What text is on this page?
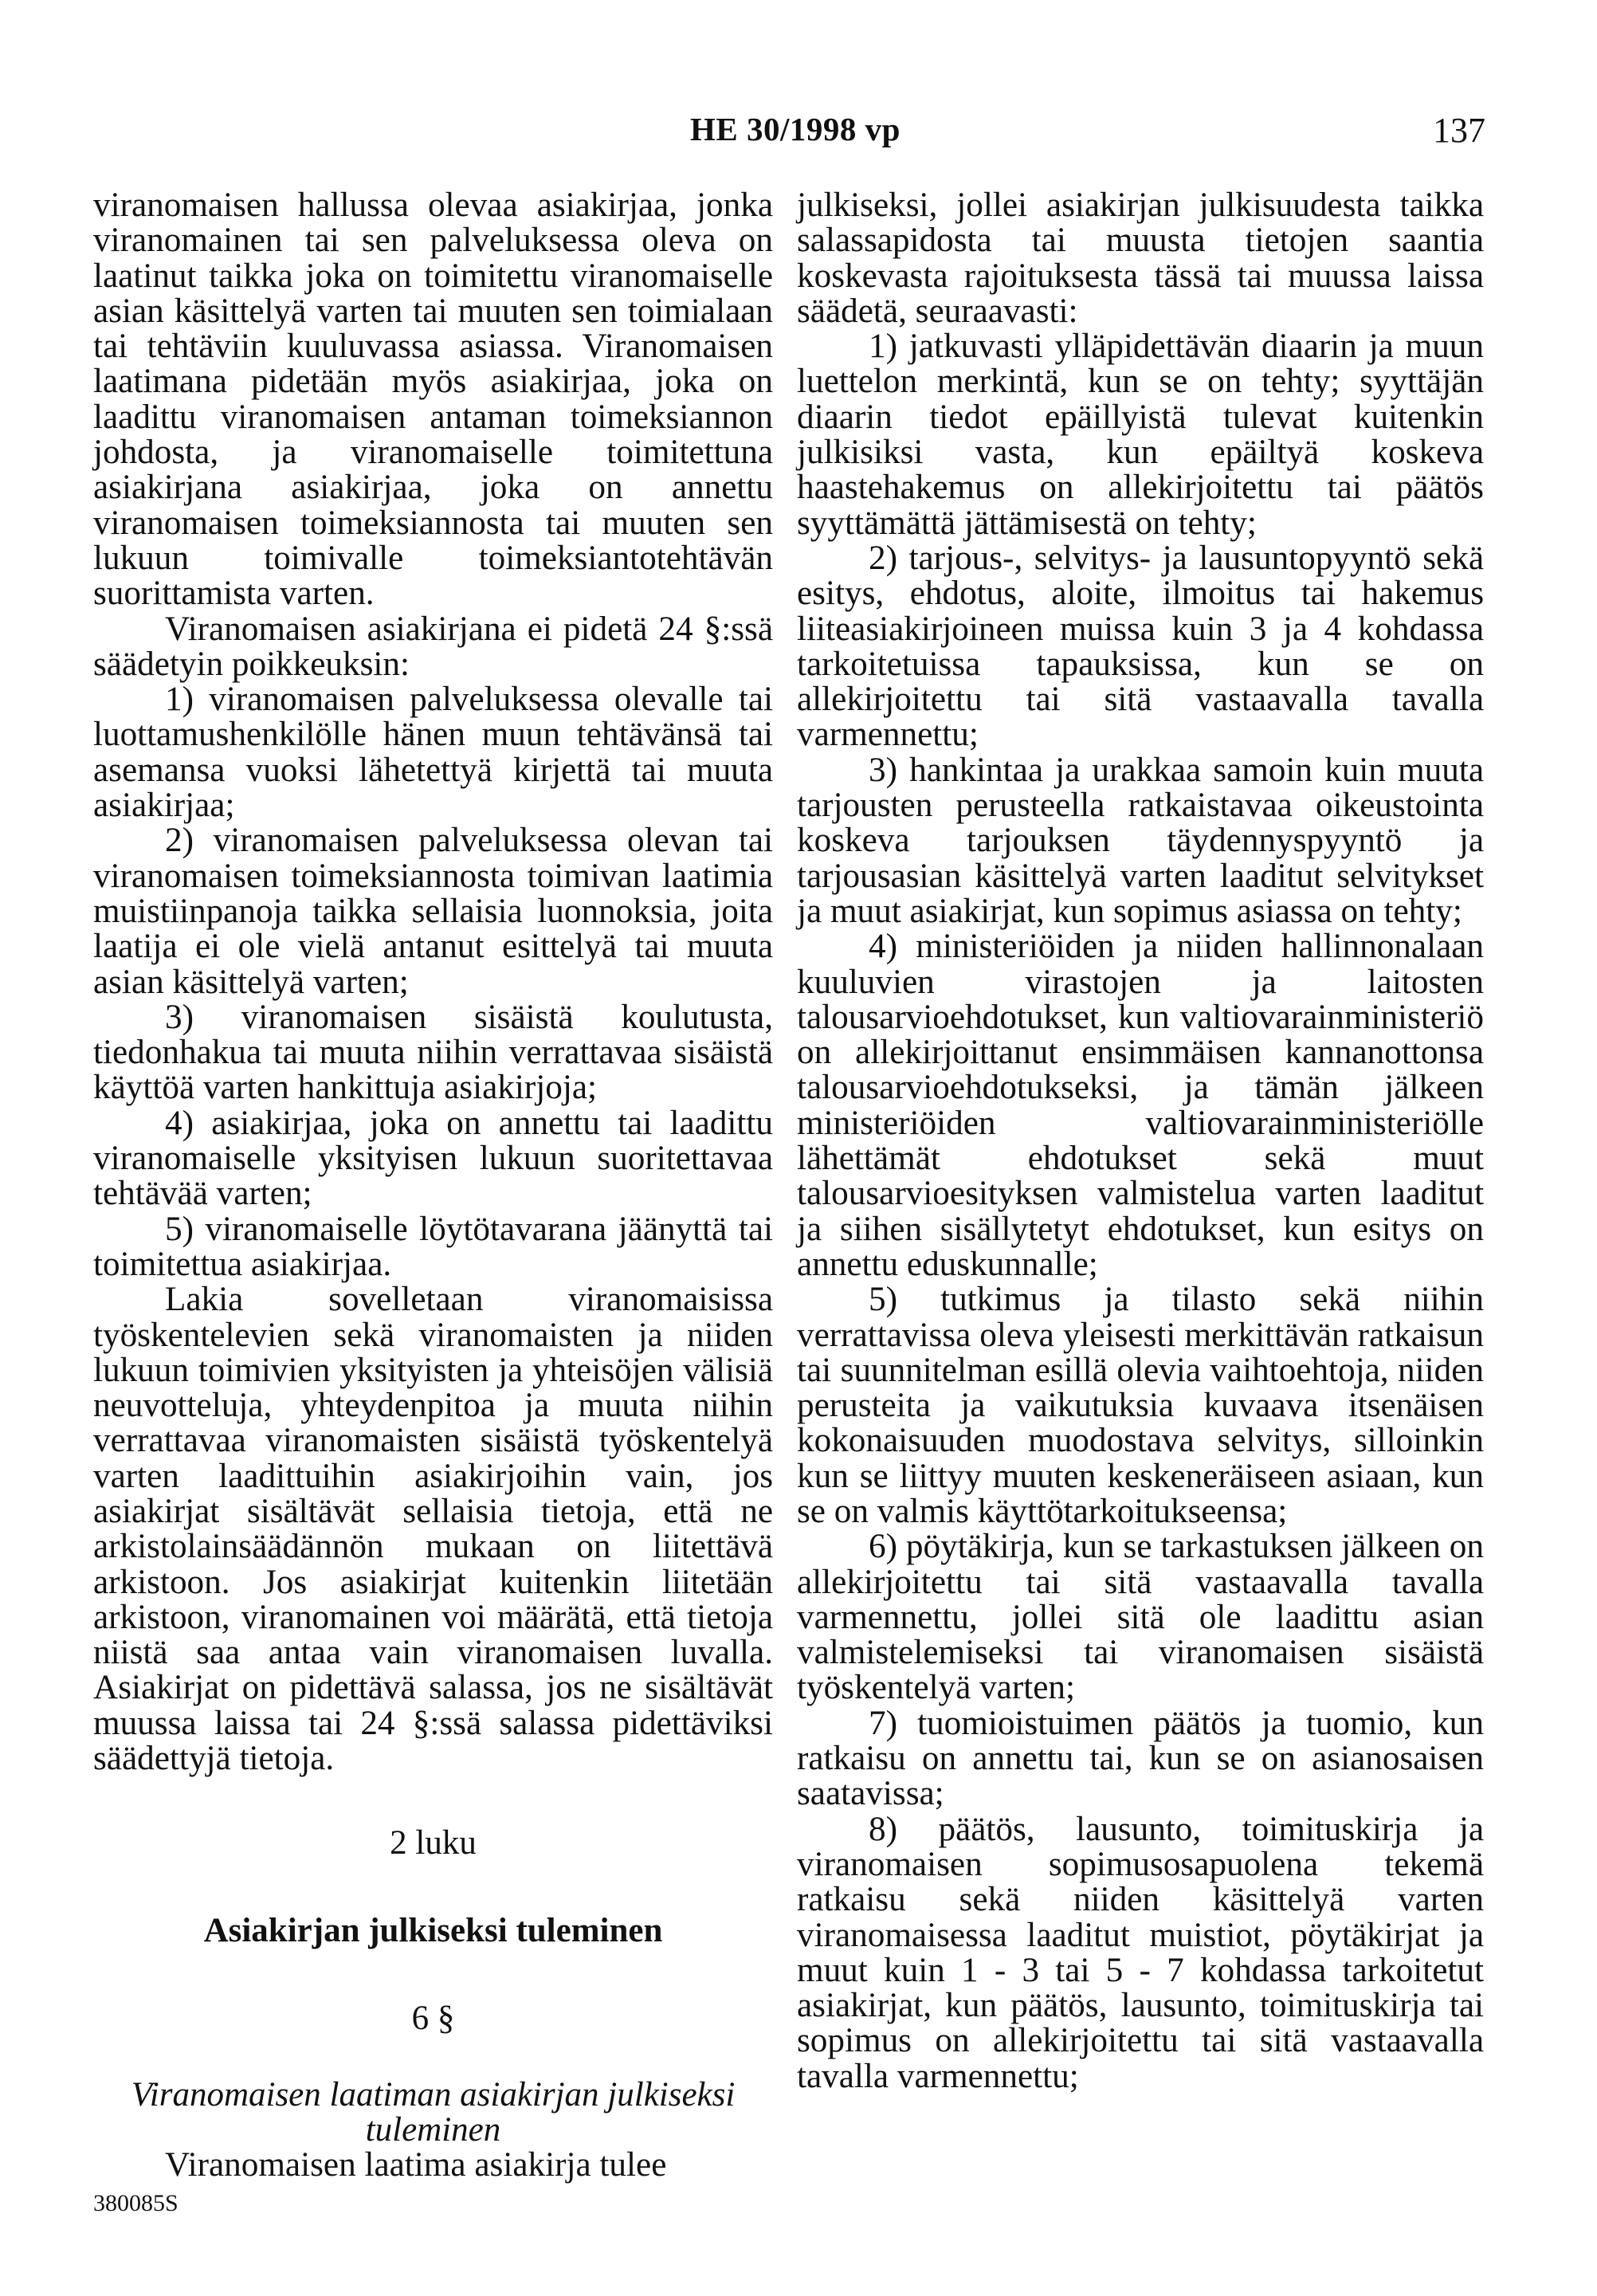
HE 30/1998 vp	137

viranomaisen hallussa olevaa asiakirjaa, jonka viranomainen tai sen palveluksessa oleva on laatinut taikka joka on toimitettu viranomaiselle asian käsittelyä varten tai muuten sen toimialaan tai tehtäviin kuuluvassa asiassa. Viranomaisen laatimana pidetään myös asiakirjaa, joka on laadittu viranomaisen antaman toimeksiannon johdosta, ja viranomaiselle toimitettuna asiakirjana asiakirjaa, joka on annettu viranomaisen toimeksiannosta tai muuten sen lukuun toimivalle toimeksiantotehtävän suorittamista varten.

Viranomaisen asiakirjana ei pidetä 24 §:ssä säädetyin poikkeuksin:

1) viranomaisen palveluksessa olevalle tai luottamushenkilölle hänen muun tehtävänsä tai asemansa vuoksi lähetettyä kirjettä tai muuta asiakirjaa;

2) viranomaisen palveluksessa olevan tai viranomaisen toimeksiannosta toimivan laatimia muistiinpanoja taikka sellaisia luonnoksia, joita laatija ei ole vielä antanut esittelyä tai muuta asian käsittelyä varten;

3) viranomaisen sisäistä koulutusta, tiedonhakua tai muuta niihin verrattavaa sisäistä käyttöä varten hankittuja asiakirjoja;

4) asiakirjaa, joka on annettu tai laadittu viranomaiselle yksityisen lukuun suoritettavaa tehtävää varten;

5) viranomaiselle löytötavarana jäänyttä tai toimitettua asiakirjaa.

Lakia sovelletaan viranomaisissa työskentelevien sekä viranomaisten ja niiden lukuun toimivien yksityisten ja yhteisöjen välisiä neuvotteluja, yhteydenpitoa ja muuta niihin verrattavaa viranomaisten sisäistä työskentelyä varten laadittuihin asiakirjoihin vain, jos asiakirjat sisältävät sellaisia tietoja, että ne arkistolainsäädännön mukaan on liitettävä arkistoon. Jos asiakirjat kuitenkin liitetään arkistoon, viranomainen voi määrätä, että tietoja niistä saa antaa vain viranomaisen luvalla. Asiakirjat on pidettävä salassa, jos ne sisältävät muussa laissa tai 24 §:ssä salassa pidettäviksi säädettyjä tietoja.

2 luku
Asiakirjan julkiseksi tuleminen
6 §
Viranomaisen laatiman asiakirjan julkiseksi tuleminen

Viranomaisen laatima asiakirja tulee

julkiseksi, jollei asiakirjan julkisuudesta taikka salassapidosta tai muusta tietojen saantia koskevasta rajoituksesta tässä tai muussa laissa säädetä, seuraavasti:

1) jatkuvasti ylläpidettävän diaarin ja muun luettelon merkintä, kun se on tehty; syyttäjän diaarin tiedot epäillyistä tulevat kuitenkin julkisiksi vasta, kun epäiltyä koskeva haastehakemus on allekirjoitettu tai päätös syyttämättä jättämisestä on tehty;

2) tarjous-, selvitys- ja lausuntopyyntö sekä esitys, ehdotus, aloite, ilmoitus tai hakemus liiteasiakirjoineen muissa kuin 3 ja 4 kohdassa tarkoitetuissa tapauksissa, kun se on allekirjoitettu tai sitä vastaavalla tavalla varmennettu;

3) hankintaa ja urakkaa samoin kuin muuta tarjousten perusteella ratkaistavaa oikeustointa koskeva tarjouksen täydennyspyyntö ja tarjousasian käsittelyä varten laaditut selvitykset ja muut asiakirjat, kun sopimus asiassa on tehty;

4) ministeriöiden ja niiden hallinnonalaan kuuluvien virastojen ja laitosten talousarvioehdotukset, kun valtiovarainministeriö on allekirjoittanut ensimmäisen kannanottonsa talousarvioehdotukseksi, ja tämän jälkeen ministeriöiden valtiovarainministeriölle lähettämät ehdotukset sekä muut talousarvioesityksen valmistelua varten laaditut ja siihen sisällytetyt ehdotukset, kun esitys on annettu eduskunnalle;

5) tutkimus ja tilasto sekä niihin verrattavissa oleva yleisesti merkittävän ratkaisun tai suunnitelman esillä olevia vaihtoehtoja, niiden perusteita ja vaikutuksia kuvaava itsenäisen kokonaisuuden muodostava selvitys, silloinkin kun se liittyy muuten keskeneräiseen asiaan, kun se on valmis käyttötarkoitukseensa;

6) pöytäkirja, kun se tarkastuksen jälkeen on allekirjoitettu tai sitä vastaavalla tavalla varmennettu, jollei sitä ole laadittu asian valmistelemiseksi tai viranomaisen sisäistä työskentelyä varten;

7) tuomioistuimen päätös ja tuomio, kun ratkaisu on annettu tai, kun se on asianosaisen saatavissa;

8) päätös, lausunto, toimituskirja ja viranomaisen sopimusosapuolena tekemä ratkaisu sekä niiden käsittelyä varten viranomaisessa laaditut muistiot, pöytäkirjat ja muut kuin 1 - 3 tai 5 - 7 kohdassa tarkoitetut asiakirjat, kun päätös, lausunto, toimituskirja tai sopimus on allekirjoitettu tai sitä vastaavalla tavalla varmennettu;

380085S
